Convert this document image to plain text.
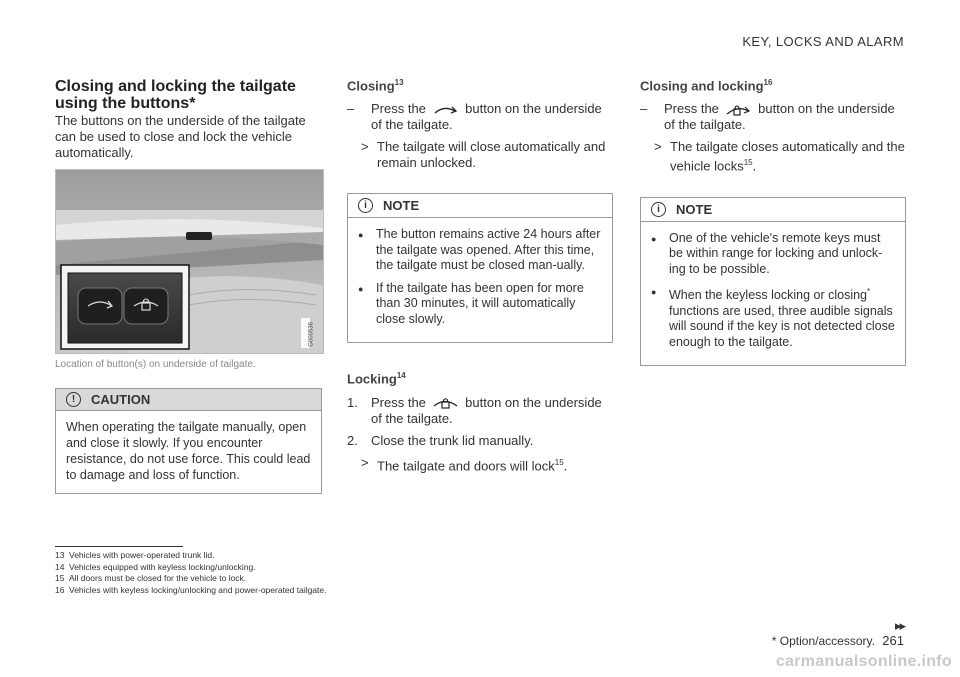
KEY, LOCKS AND ALARM
Closing and locking the tailgate using the buttons*

The buttons on the underside of the tailgate can be used to close and lock the vehicle automatically.

G000536
Location of button(s) on underside of tailgate.
!	CAUTION
When operating the tailgate manually, open and close it slowly. If you encounter resistance, do not use force. This could lead to damage and loss of function.
Closing$^{13}$
–	Press the	button on the underside of the tailgate.
> The tailgate will close automatically and remain unlocked.
i	NOTE
●	The button remains active 24 hours after the tailgate was opened. After this time, the tailgate must be closed man-ually.
●	If the tailgate has been open for more than 30 minutes, it will automatically close slowly.
Locking$^{14}$
1.	Press the	button on the underside of the tailgate.
2.	Close the trunk lid manually.
> The tailgate and doors will lock$^{15}$.
Closing and locking$^{16}$
–	Press the	button on the underside of the tailgate.
> The tailgate closes automatically and the vehicle locks$^{15}$.
i	NOTE
●	One of the vehicle's remote keys must be within range for locking and unlock-ing to be possible.
●	When the keyless locking or closing* functions are used, three audible signals will sound if the key is not detected close enough to the tailgate.
13 Vehicles with power-operated trunk lid.
14 Vehicles equipped with keyless locking/unlocking.
15 All doors must be closed for the vehicle to lock.
16 Vehicles with keyless locking/unlocking and power-operated tailgate.
▸▸
* Option/accessory. 261
carmanualsonline.info
